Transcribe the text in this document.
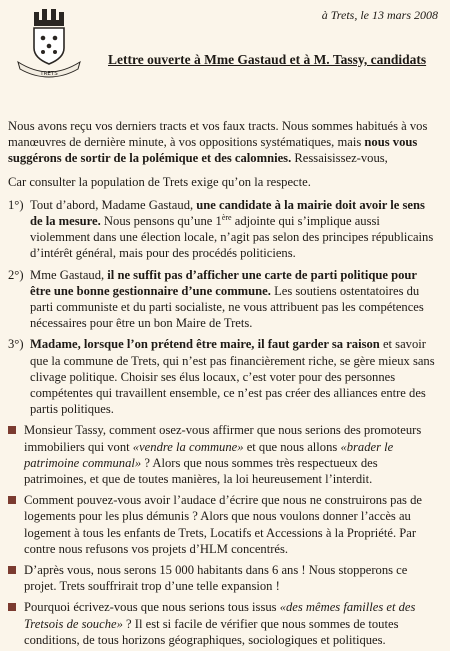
TRETS
à Trets, le 13 mars 2008
Lettre ouverte à Mme Gastaud et à M. Tassy, candidats

Nous avons reçu vos derniers tracts et vos faux tracts. Nous sommes habitués à vos manœuvres de dernière minute, à vos oppositions systématiques, mais nous vous suggérons de sortir de la polémique et des calomnies. Ressaisissez-vous,

Car consulter la population de Trets exige qu’on la respecte.

1°) Tout d’abord, Madame Gastaud, une candidate à la mairie doit avoir le sens de la mesure. Nous pensons qu’une 1ère adjointe qui s’implique aussi violemment dans une élection locale, n’agit pas selon des principes républicains d’intérêt général, mais pour des procédés politiciens.
2°) Mme Gastaud, il ne suffit pas d’afficher une carte de parti politique pour être une bonne gestionnaire d’une commune. Les soutiens ostentatoires du parti communiste et du parti socialiste, ne vous attribuent pas les compétences nécessaires pour être un bon Maire de Trets.
3°) Madame, lorsque l’on prétend être maire, il faut garder sa raison et savoir que la commune de Trets, qui n’est pas financièrement riche, se gère mieux sans clivage politique. Choisir ses élus locaux, c’est voter pour des personnes compétentes qui travaillent ensemble, ce n’est pas créer des alliances entre des partis politiques.
Monsieur Tassy, comment osez-vous affirmer que nous serions des promoteurs immobiliers qui vont «vendre la commune» et que nous allons «brader le patrimoine communal» ? Alors que nous sommes très respectueux des patrimoines, et que de toutes manières, la loi heureusement l’interdit.
Comment pouvez-vous avoir l’audace d’écrire que nous ne construirons pas de logements pour les plus démunis ? Alors que nous voulons donner l’accès au logement à tous les enfants de Trets, Locatifs et Accessions à la Propriété. Par contre nous refusons vos projets d’HLM concentrés.
D’après vous, nous serons 15 000 habitants dans 6 ans ! Nous stopperons ce projet. Trets souffrirait trop d’une telle expansion !
Pourquoi écrivez-vous que nous serions tous issus «des mêmes familles et des Tretsois de souche» ? Il est si facile de vérifier que nous sommes de toutes conditions, de tous horizons géographiques, sociologiques et politiques.
